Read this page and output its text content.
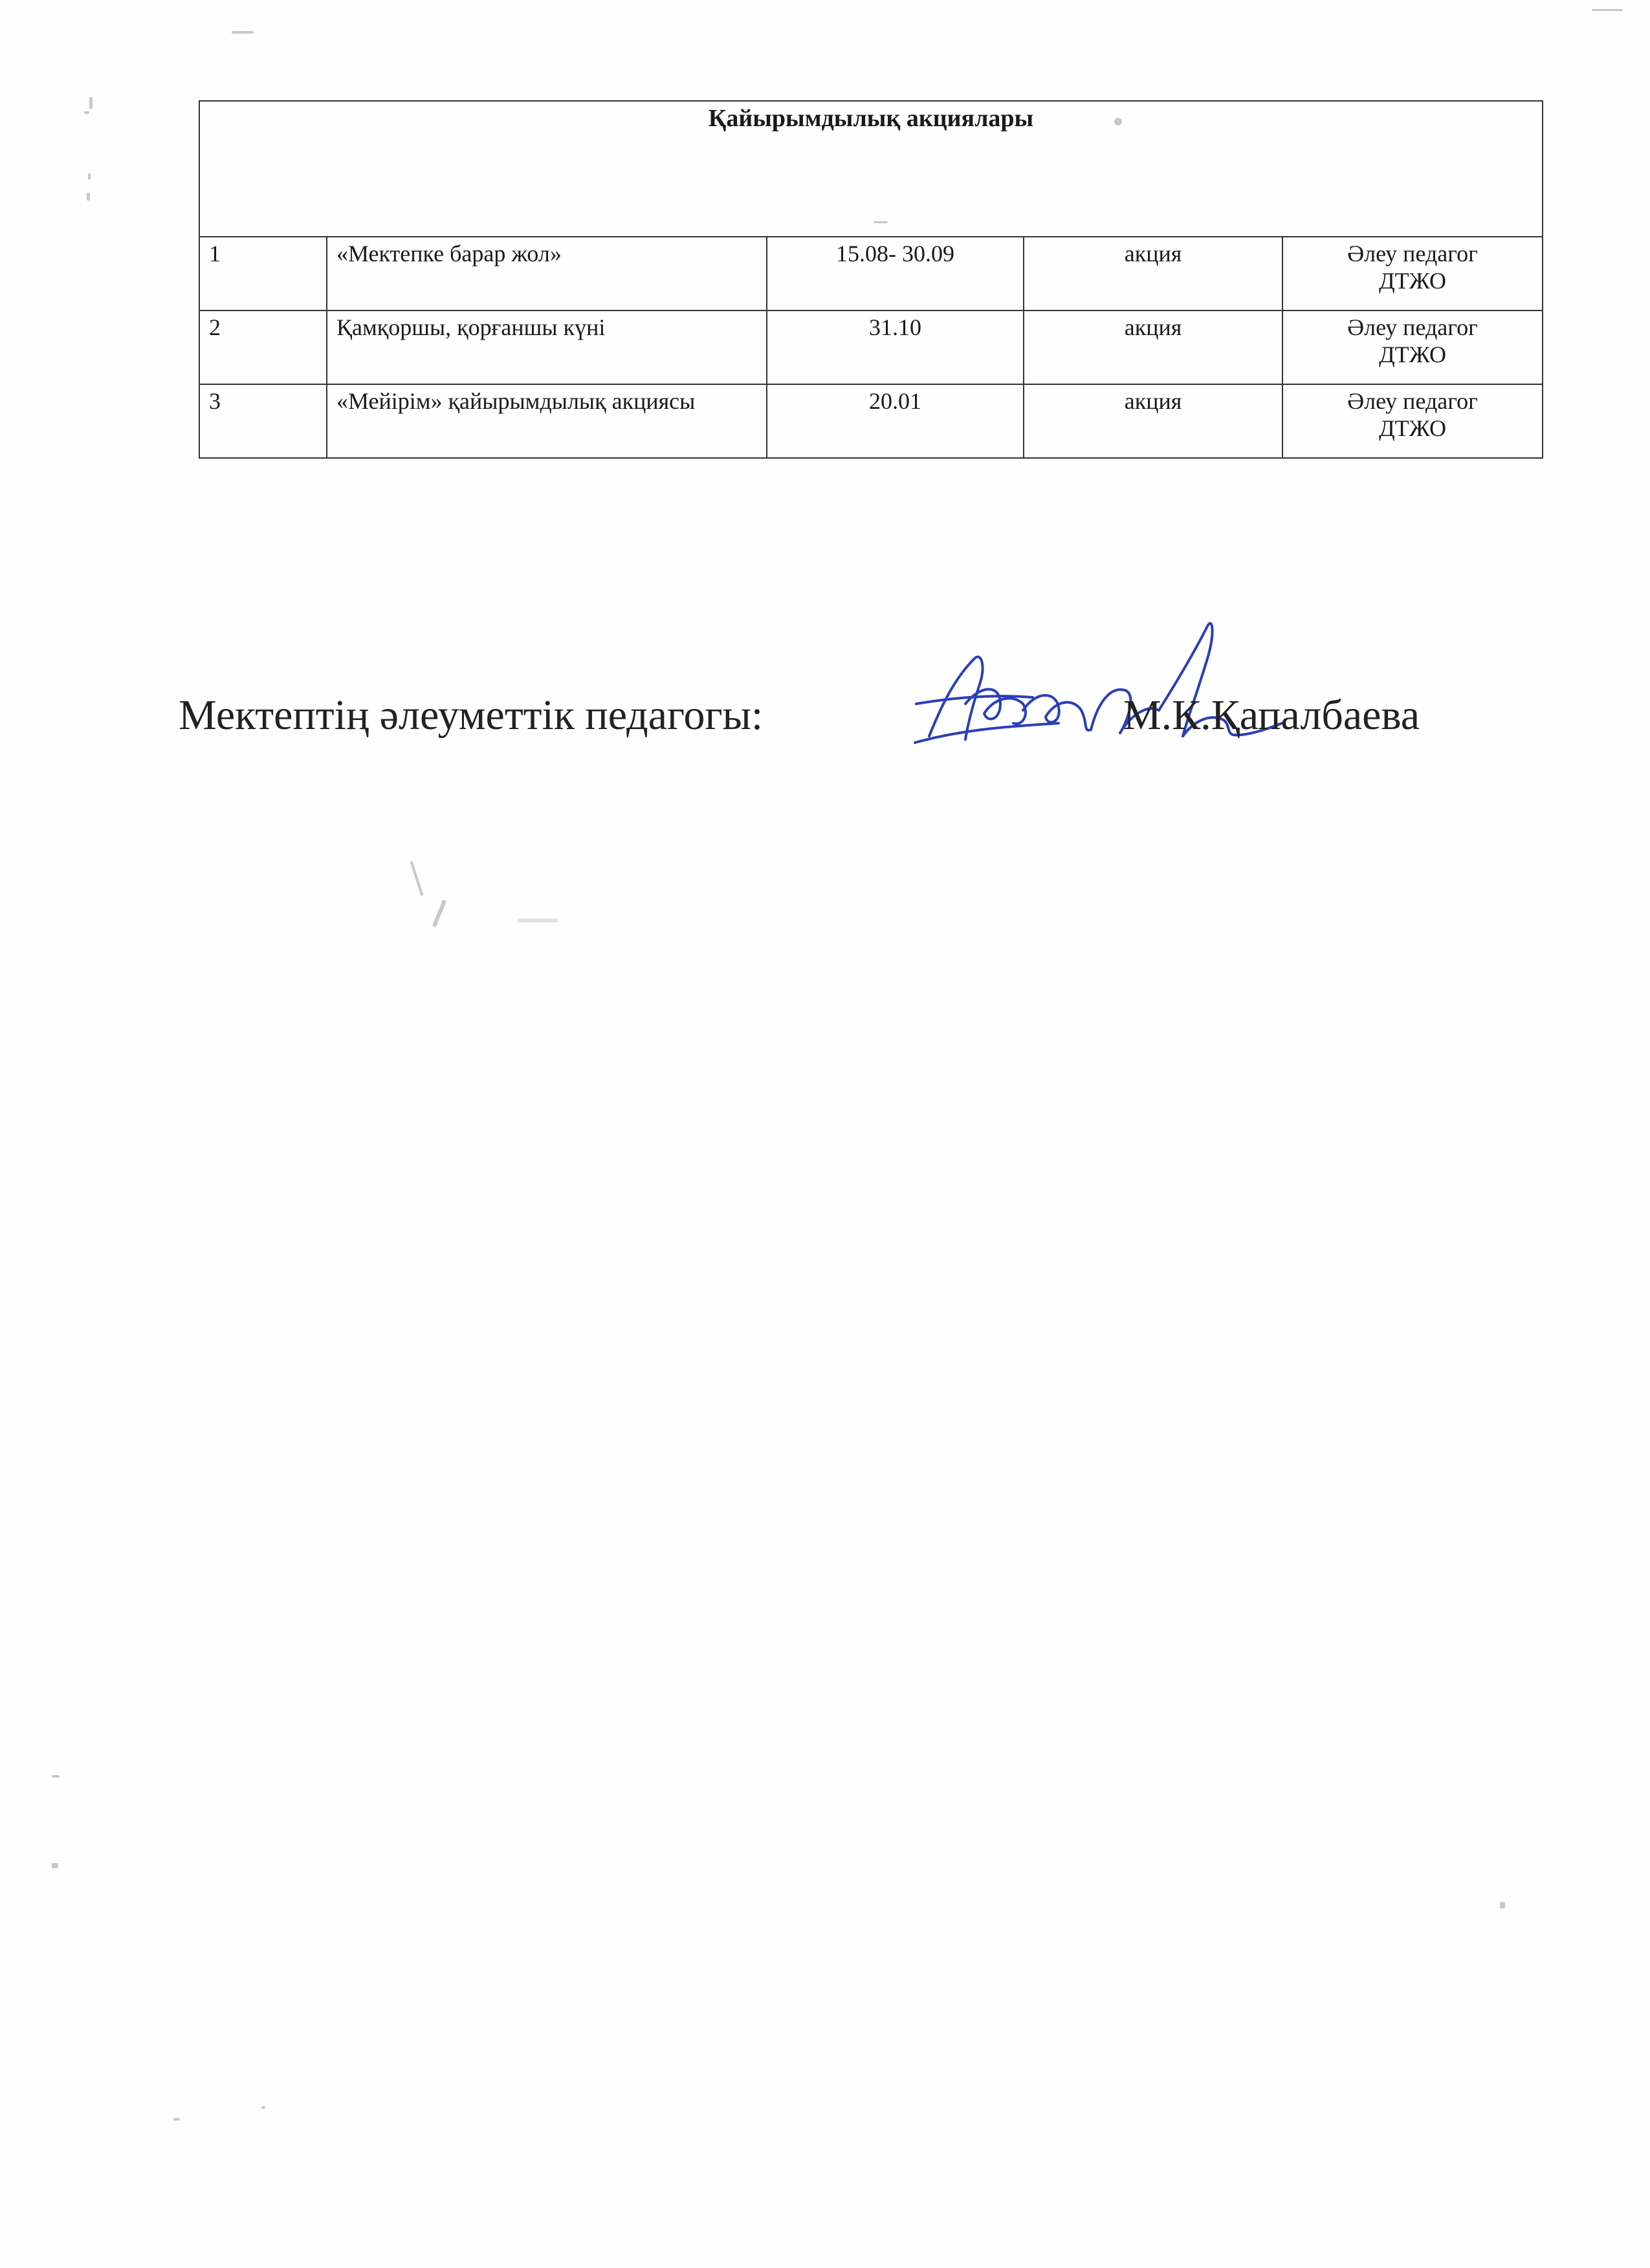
Қайырымдылық акциялары				
1	«Мектепке барар жол»	15.08- 30.09	акция	Әлеу педагог
ДТЖО

2	Қамқоршы, қорғаншы күні	31.10	акция	Әлеу педагог
ДТЖО

3	«Мейірім» қайырымдылық акциясы	20.01	акция	Әлеу педагог
ДТЖО
Мектептің әлеуметтік педагогы:	М.К.Қапалбаева
